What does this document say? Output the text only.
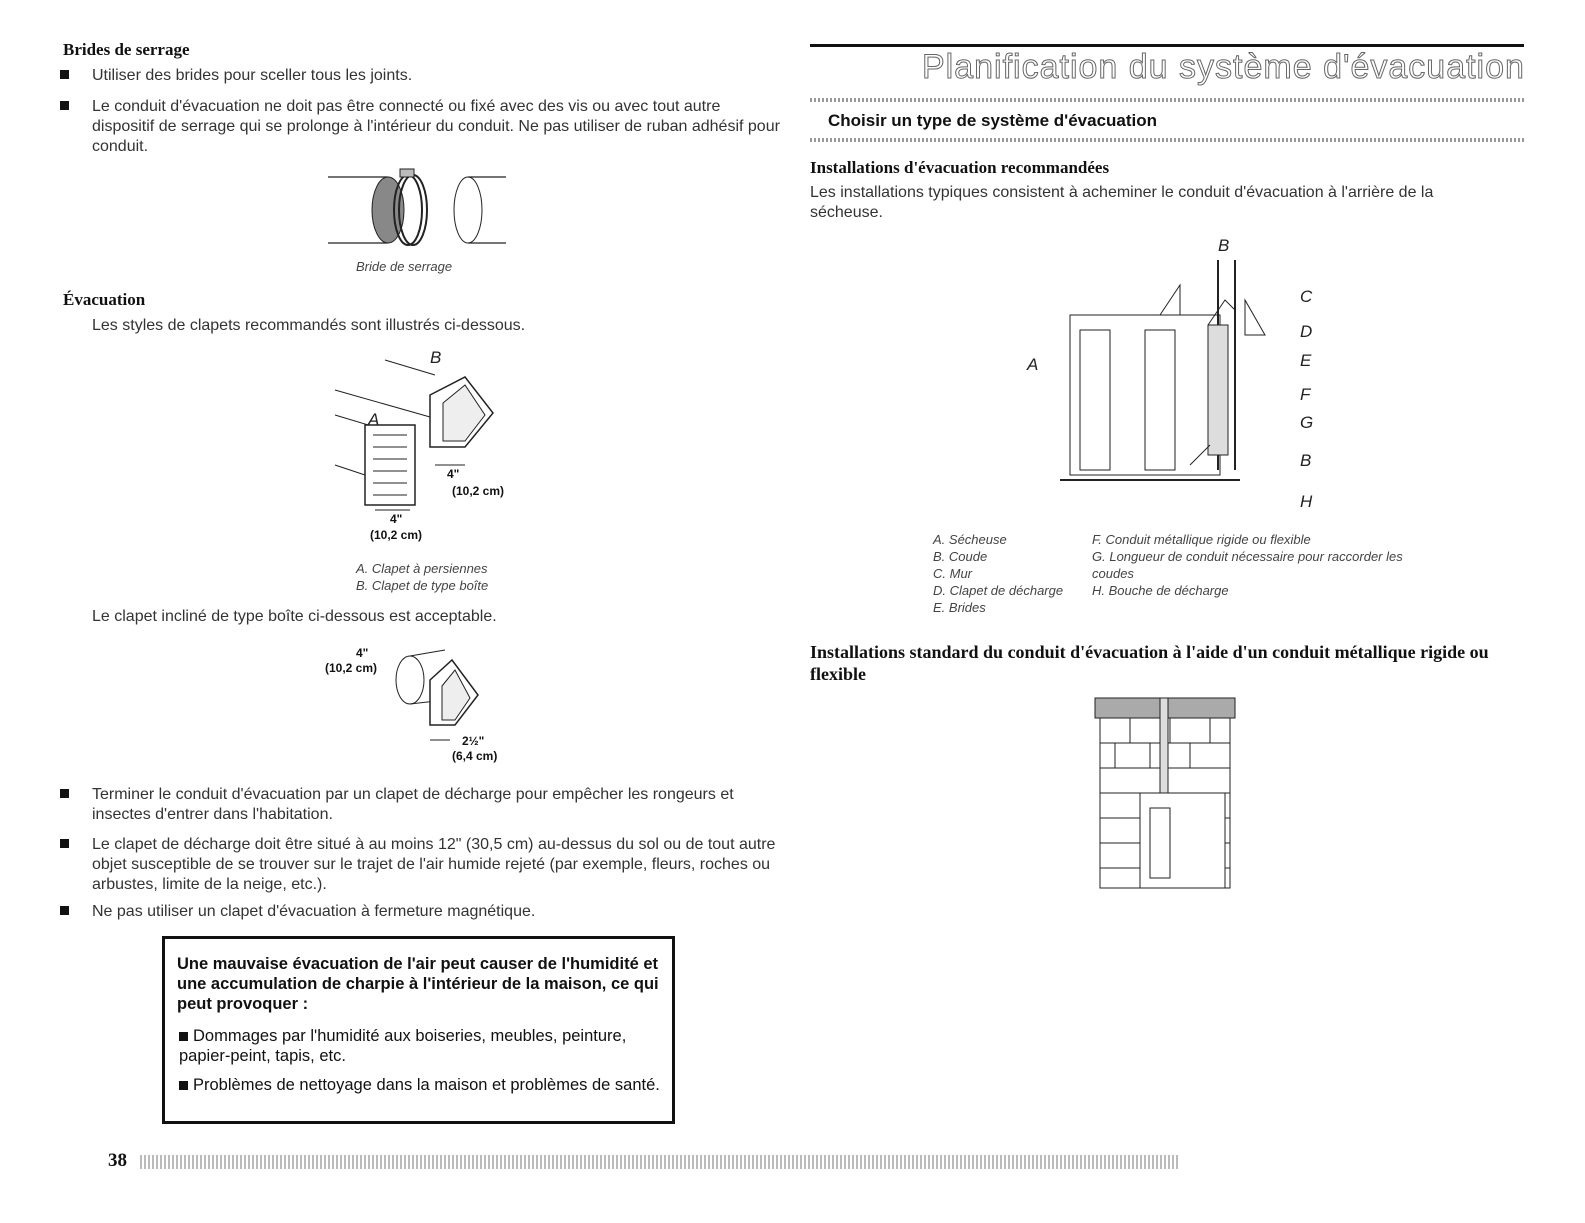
Brides de serrage
Utiliser des brides pour sceller tous les joints.
Le conduit d'évacuation ne doit pas être connecté ou fixé avec des vis ou avec tout autre dispositif de serrage qui se prolonge à l'intérieur du conduit. Ne pas utiliser de ruban adhésif pour conduit.
Bride de serrage
Évacuation
Les styles de clapets recommandés sont illustrés ci-dessous.
B
A
4"
(10,2 cm)
4"
(10,2 cm)
A. Clapet à persiennes
B. Clapet de type boîte
Le clapet incliné de type boîte ci-dessous est acceptable.
4"
(10,2 cm)
2½"
(6,4 cm)
Terminer le conduit d'évacuation par un clapet de décharge pour empêcher les rongeurs et insectes d'entrer dans l'habitation.
Le clapet de décharge doit être situé à au moins 12" (30,5 cm) au-dessus du sol ou de tout autre objet susceptible de se trouver sur le trajet de l'air humide rejeté (par exemple, fleurs, roches ou arbustes, limite de la neige, etc.).
Ne pas utiliser un clapet d'évacuation à fermeture magnétique.
Une mauvaise évacuation de l'air peut causer de l'humidité et une accumulation de charpie à l'intérieur de la maison, ce qui peut provoquer :
Dommages par l'humidité aux boiseries, meubles, peinture, papier-peint, tapis, etc.
Problèmes de nettoyage dans la maison et problèmes de santé.
38
Planification du système d'évacuation
Choisir un type de système d'évacuation
Installations d'évacuation recommandées
Les installations typiques consistent à acheminer le conduit d'évacuation à l'arrière de la sécheuse.
B
A
C
D
E
F
G
B
H
A. Sécheuse
B. Coude
C. Mur
D. Clapet de décharge
E. Brides
F. Conduit métallique rigide ou flexible
G. Longueur de conduit nécessaire pour raccorder les coudes
H. Bouche de décharge
Installations standard du conduit d'évacuation à l'aide d'un conduit métallique rigide ou flexible
